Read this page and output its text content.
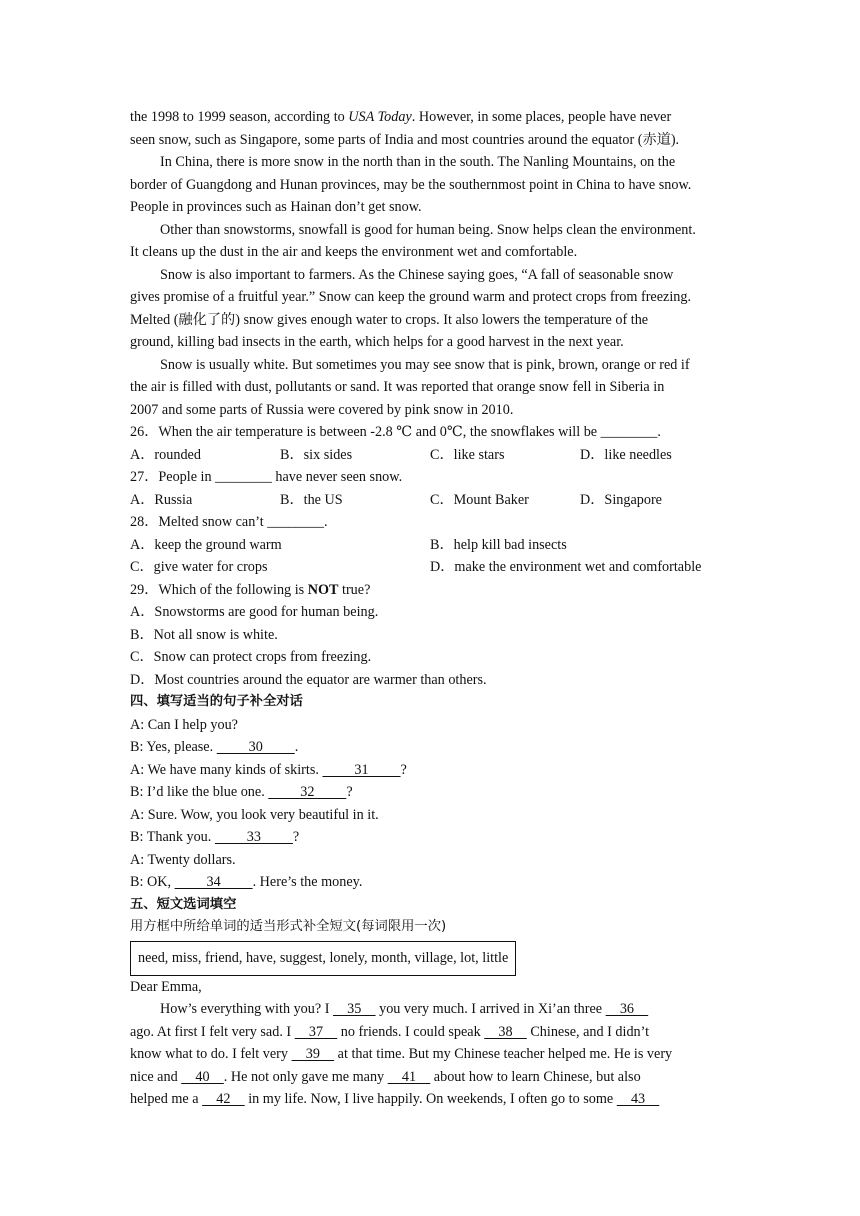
the 1998 to 1999 season, according to USA Today. However, in some places, people have never
seen snow, such as Singapore, some parts of India and most countries around the equator (赤道).
In China, there is more snow in the north than in the south. The Nanling Mountains, on the
border of Guangdong and Hunan provinces, may be the southernmost point in China to have snow.
People in provinces such as Hainan don’t get snow.
Other than snowstorms, snowfall is good for human being. Snow helps clean the environment.
It cleans up the dust in the air and keeps the environment wet and comfortable.
Snow is also important to farmers. As the Chinese saying goes, “A fall of seasonable snow
gives promise of a fruitful year.” Snow can keep the ground warm and protect crops from freezing.
Melted (融化了的) snow gives enough water to crops. It also lowers the temperature of the
ground, killing bad insects in the earth, which helps for a good harvest in the next year.
Snow is usually white. But sometimes you may see snow that is pink, brown, orange or red if
the air is filled with dust, pollutants or sand. It was reported that orange snow fell in Siberia in
2007 and some parts of Russia were covered by pink snow in 2010.
26．When the air temperature is between -2.8 ℃ and 0℃, the snowflakes will be ________.
A．rounded	B．six sides	C．like stars	D．like needles
27．People in ________ have never seen snow.
A．Russia	B．the US	C．Mount Baker	D．Singapore
28．Melted snow can’t ________.
A．keep the ground warm	B．help kill bad insects
C．give water for crops	D．make the environment wet and comfortable
29．Which of the following is NOT true?
A．Snowstorms are good for human being.
B．Not all snow is white.
C．Snow can protect crops from freezing.
D．Most countries around the equator are warmer than others.
四、填写适当的句子补全对话
A: Can I help you?
B: Yes, please.          30         .
A: We have many kinds of skirts.          31         ?
B: I’d like the blue one.          32         ?
A: Sure. Wow, you look very beautiful in it.
B: Thank you.          33         ?
A: Twenty dollars.
B: OK,          34         . Here’s the money.
五、短文选词填空
用方框中所给单词的适当形式补全短文(每词限用一次)
need, miss, friend, have, suggest, lonely, month, village, lot, little
Dear Emma,
How’s everything with you? I     35     you very much. I arrived in Xi’an three     36
ago. At first I felt very sad. I     37     no friends. I could speak     38     Chinese, and I didn’t
know what to do. I felt very     39     at that time. But my Chinese teacher helped me. He is very
nice and     40    . He not only gave me many     41     about how to learn Chinese, but also
helped me a     42     in my life. Now, I live happily. On weekends, I often go to some     43
